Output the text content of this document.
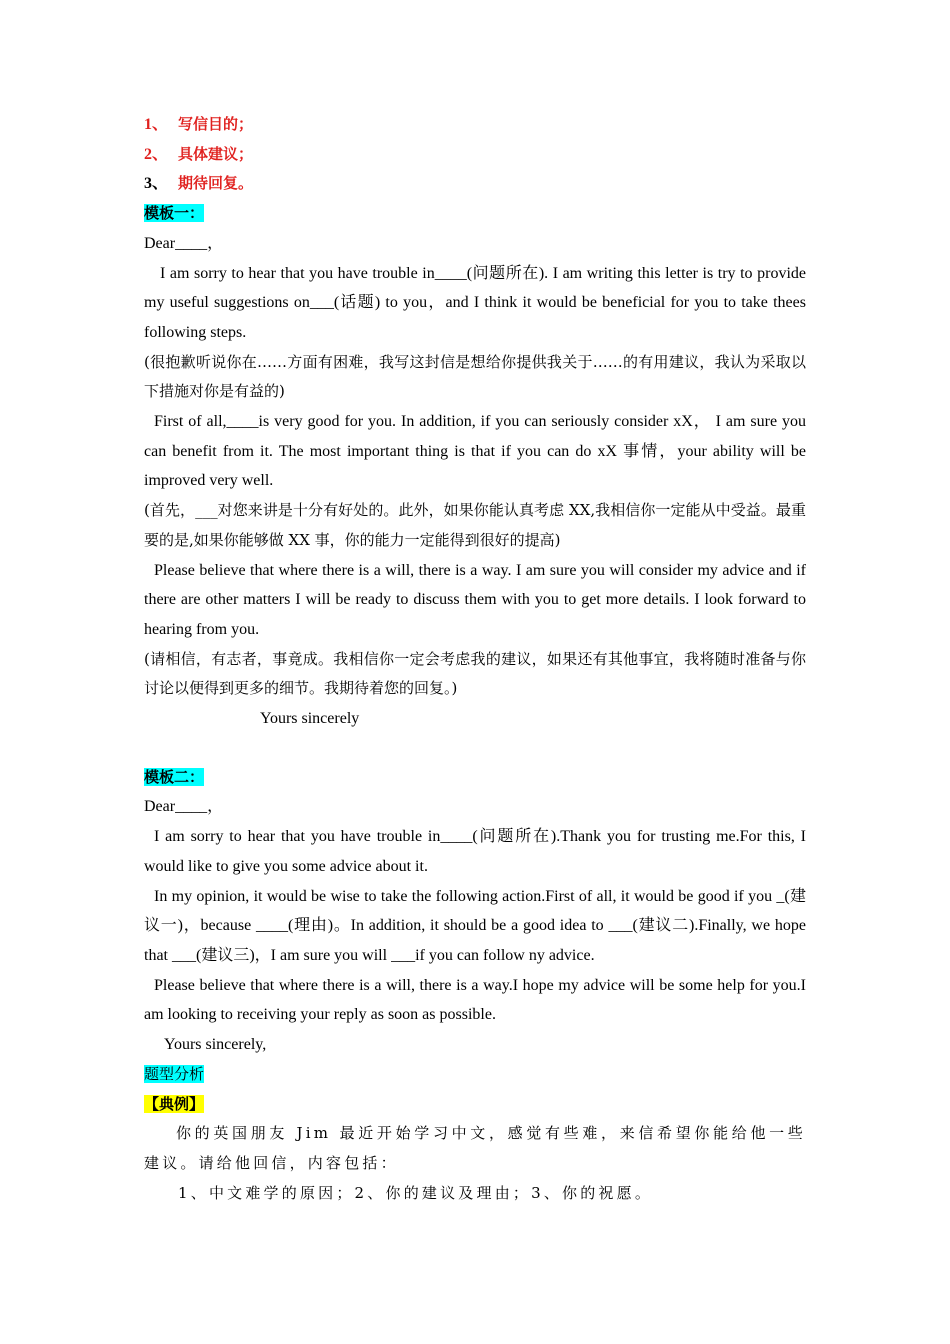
1、 写信目的；

2、 具体建议；

3、 期待回复。

模板一：

Dear____，

I am sorry to hear that you have trouble in____(问题所在). I am writing this letter is try to provide my useful suggestions on___(话题) to you，and I think it would be beneficial for you to take thees following steps.

(很抱歉听说你在……方面有困难，我写这封信是想给你提供我关于……的有用建议，我认为采取以下措施对你是有益的)

First of all,____is very good for you. In addition, if you can seriously consider xX， I am sure you can benefit from it. The most important thing is that if you can do xX 事情，your ability will be improved very well.

(首先，___对您来讲是十分有好处的。此外，如果你能认真考虑 XX,我相信你一定能从中受益。最重要的是,如果你能够做 XX 事，你的能力一定能得到很好的提高)

Please believe that where there is a will, there is a way. I am sure you will consider my advice and if there are other matters I will be ready to discuss them with you to get more details. I look forward to hearing from you.

(请相信，有志者，事竟成。我相信你一定会考虑我的建议，如果还有其他事宜，我将随时准备与你讨论以便得到更多的细节。我期待着您的回复。)

Yours sincerely

模板二：

Dear____，

I am sorry to hear that you have trouble in____(问题所在).Thank you for trusting me.For this, I would like to give you some advice about it.

In my opinion, it would be wise to take the following action.First of all, it would be good if you _(建议一)，because ____(理由)。In addition, it should be a good idea to ___(建议二).Finally, we hope that ___(建议三)，I am sure you will ___if you can follow ny advice.

Please believe that where there is a will, there is a way.I hope my advice will be some help for you.I am looking to receiving your reply as soon as possible.

Yours sincerely,

题型分析

【典例】

你的英国朋友 Jim 最近开始学习中文，感觉有些难，来信希望你能给他一些建议。请给他回信，内容包括：

1、中文难学的原因；2、你的建议及理由；3、你的祝愿。
